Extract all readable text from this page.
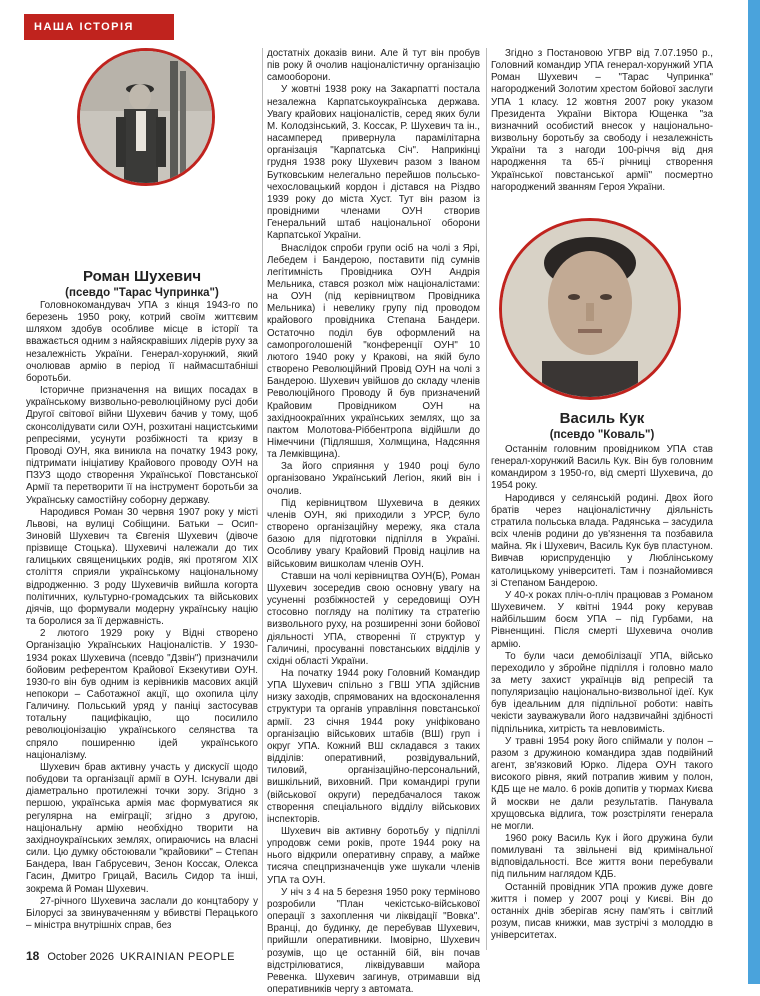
НАША ІСТОРІЯ
Роман Шухевич
(псевдо "Тарас Чупринка")

Головнокомандувач УПА з кінця 1943-го по березень 1950 року, котрий своїм життєвим шляхом здобув особливе місце в історії та вважається одним з найяскравіших лідерів руху за незалежність України. Генерал-хорунжий, який очолював армію в період її наймасштабніші боротьби.

Історичне призначення на вищих посадах в українському визвольно-революційному русі доби Другої світової війни Шухевич бачив у тому, щоб сконсолідувати сили ОУН, розхитані нацистськими репресіями, усунути розбіжності та кризу в Проводі ОУН, яка виникла на початку 1943 року, підтримати ініціативу Крайового проводу ОУН на ПЗУЗ щодо створення Української Повстанської Армії та перетворити її на інструмент боротьби за Українську самостійну соборну державу.

Народився Роман 30 червня 1907 року у місті Львові, на вулиці Собіщини. Батьки – Осип-Зиновій Шухевич та Євгенія Шухевич (дівоче прізвище Стоцька). Шухевичі належали до тих галицьких священицьких родів, які протягом XIX століття сприяли українському національному відродженню. З роду Шухевичів вийшла когорта політичних, культурно-громадських та військових діячів, що формували модерну українську націю та боролися за її державність.

2 лютого 1929 року у Відні створено Організацію Українських Націоналістів. У 1930-1934 роках Шухевича (псевдо "Дзвін") призначили бойовим референтом Крайової Екзекутиви ОУН. 1930-го він був одним із керівників масових акцій непокори – Саботажної акції, що охопила цілу Галичину. Польський уряд у паніці застосував тотальну пацифікацію, що посилило революціонізацію українського селянства та спряло поширенню ідей українського націоналізму.

Шухевич брав активну участь у дискусії щодо побудови та організації армії в ОУН. Існували дві діаметрально протилежні точки зору. Згідно з першою, українська армія має формуватися як регулярна на еміграції; згідно з другою, національну армію необхідно творити на західноукраїнських землях, опираючись на власні сили. Цю думку обстоювали "крайовики" – Степан Бандера, Іван Габрусевич, Зенон Коссак, Олекса Гасин, Дмитро Грицай, Василь Сидор та інші, зокрема й Роман Шухевич.

27-річного Шухевича заслали до концтабору у Білорусі за звинуваченням у вбивстві Перацького – міністра внутрішніх справ, без

достатніх доказів вини. Але й тут він пробув пів року й очолив націоналістичну організацію самооборони.

У жовтні 1938 року на Закарпатті постала незалежна Карпатськоукраїнська держава. Увагу крайових націоналістів, серед яких були М. Колодзінський, З. Коссак, Р. Шухевич та ін., насамперед привернула парамілітарна організація "Карпатська Січ". Наприкінці грудня 1938 року Шухевич разом з Іваном Бутковським нелегально перейшов польсько-чехословацький кордон і дістався на Різдво 1939 року до міста Хуст. Тут він разом із провідними членами ОУН створив Генеральний штаб національної оборони Карпатської України.

Внаслідок спроби групи осіб на чолі з Ярі, Лебедем і Бандерою, поставити під сумнів легітимність Провідника ОУН Андрія Мельника, стався розкол між націоналістами: на ОУН (під керівництвом Провідника Мельника) і невелику групу під проводом крайового провідника Степана Бандери. Остаточно поділ був оформлений на самопроголошеній "конференції ОУН" 10 лютого 1940 року у Кракові, на якій було створено Революційний Провід ОУН на чолі з Бандерою. Шухевич увійшов до складу членів Революційного Проводу й був призначений Крайовим Провідником ОУН на західноокраїнних українських землях, що за пактом Молотова-Ріббентропа відійшли до Німеччини (Підляшшя, Холмщина, Надсяння та Лемківщина).

За його сприяння у 1940 році було організовано Український Легіон, який він і очолив.

Під керівництвом Шухевича в деяких членів ОУН, які приходили з УРСР, було створено організаційну мережу, яка стала базою для підготовки підпілля в Україні. Особливу увагу Крайовий Провід націлив на військовим вишколам членів ОУН.

Ставши на чолі керівництва ОУН(Б), Роман Шухевич зосередив свою основну увагу на усуненні розбіжностей у середовищі ОУН стосовно погляду на політику та стратегію визвольного руху, на розширенні зони бойової діяльності УПА, створенні її структур у Галичині, просуванні повстанських відділів у східні області України.

На початку 1944 року Головний Командир УПА Шухевич спільно з ГВШ УПА здійснив низку заходів, спрямованих на вдосконалення структури та органів управління повстанської армії. 23 січня 1944 року уніфіковано організацію військових штабів (ВШ) груп і округ УПА. Кожний ВШ складався з таких відділів: оперативний, розвідувальний, тиловий, організаційно-персональний, вишкільний, виховний. При командирі групи (військової округи) передбачалося також створення спеціального відділу військових інспекторів.

Шухевич вів активну боротьбу у підпіллі упродовж семи років, проте 1944 року на нього відкрили оперативну справу, а майже тисяча спецпризначенців уже шукали членів УПА та ОУН.

У ніч з 4 на 5 березня 1950 року терміново розробили "План чекістсько-військової операції з захоплення чи ліквідації "Вовка". Вранці, до будинку, де перебував Шухевич, прийшли оперативники. Імовірно, Шухевич розумів, що це останній бій, він почав відстрілюватися, ліквідувавши майора Ревенка. Шухевич загинув, отримавши від оперативників чергу з автомата.

Згідно з Постановою УГВР від 7.07.1950 р., Головний командир УПА генерал-хорунжий УПА Роман Шухевич – "Тарас Чупринка" нагороджений Золотим хрестом бойової заслуги УПА 1 класу. 12 жовтня 2007 року указом Президента України Віктора Ющенка "за визначний особистий внесок у національно-визвольну боротьбу за свободу і незалежність України та з нагоди 100-річчя від дня народження та 65-ї річниці створення Української повстанської армії" посмертно нагороджений званням Героя України.

Василь Кук
(псевдо "Коваль")

Останнім головним провідником УПА став генерал-хорунжий Василь Кук. Він був головним командиром з 1950-го, від смерті Шухевича, до 1954 року.

Народився у селянській родині. Двох його братів через націоналістичну діяльність стратила польська влада. Радянська – засудила всіх членів родини до ув'язнення та позбавила майна. Як і Шухевич, Василь Кук був пластуном. Вивчав юриспруденцію у Люблінському католицькому університеті. Там і познайомився зі Степаном Бандерою.

У 40-х роках пліч-о-пліч працював з Романом Шухевичем. У квітні 1944 року керував найбільшим боєм УПА – під Гурбами, на Рівненщині. Після смерті Шухевича очолив армію.

То були часи демобілізації УПА, військо переходило у збройне підпілля і головно мало за мету захист українців від репресій та популяризацію національно-визвольної ідеї. Кук був ідеальним для підпільної роботи: навіть чекісти зауважували його надзвичайні здібності підпільника, хитрість та невловимість.

У травні 1954 року його спіймали у полон – разом з дружиною командира здав подвійний агент, зв'язковий Юрко. Лідера ОУН такого високого рівня, який потрапив живим у полон, КДБ ще не мало. 6 років допитів у тюрмах Києва й москви не дали результатів. Панувала хрущовська відлига, тож розстріляти генерала не могли.

1960 року Василь Кук і його дружина були помилувані та звільнені від кримінальної відповідальності. Все життя вони перебували під пильним наглядом КДБ.

Останній провідник УПА прожив дуже довге життя і помер у 2007 році у Києві. Він до останніх днів зберігав ясну пам'ять і світлий розум, писав книжки, мав зустрічі з молоддю в університетах.

18 October 2026 UKRAINIAN PEOPLE
